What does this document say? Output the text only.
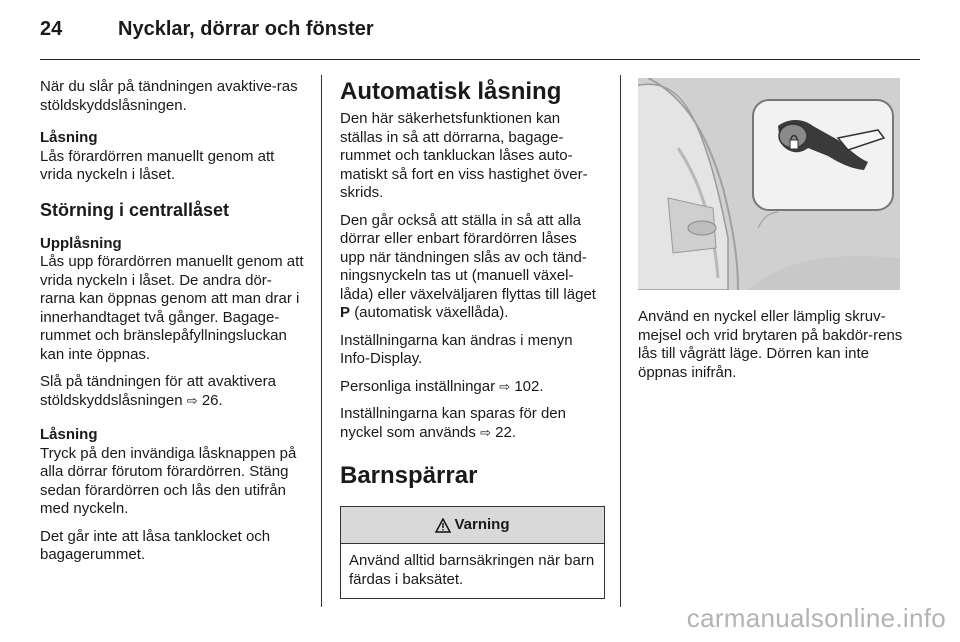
24	Nycklar, dörrar och fönster

När du slår på tändningen avaktive-ras stöldskyddslåsningen.

Låsning

Lås förardörren manuellt genom att vrida nyckeln i låset.

Störning i centrallåset

Upplåsning

Lås upp förardörren manuellt genom att vrida nyckeln i låset. De andra dör-rarna kan öppnas genom att man drar i innerhandtaget två gånger. Bagage-rummet och bränslepåfyllningsluckan kan inte öppnas.

Slå på tändningen för att avaktivera stöldskyddslåsningen ⇨ 26.

Låsning

Tryck på den invändiga låsknappen på alla dörrar förutom förardörren. Stäng sedan förardörren och lås den utifrån med nyckeln.

Det går inte att låsa tanklocket och bagagerummet.

Automatisk låsning

Den här säkerhetsfunktionen kan ställas in så att dörrarna, bagage-rummet och tankluckan låses auto-matiskt så fort en viss hastighet över-skrids.

Den går också att ställa in så att alla dörrar eller enbart förardörren låses upp när tändningen slås av och tänd-ningsnyckeln tas ut (manuell växel-låda) eller växelväljaren flyttas till läget P (automatisk växellåda).

Inställningarna kan ändras i menyn Info-Display.

Personliga inställningar ⇨ 102.

Inställningarna kan sparas för den nyckel som används ⇨ 22.

Barnspärrar
Varning
Använd alltid barnsäkringen när barn färdas i baksätet.

Använd en nyckel eller lämplig skruv-mejsel och vrid brytaren på bakdör-rens lås till vågrätt läge. Dörren kan inte öppnas inifrån.

carmanualsonline.info
